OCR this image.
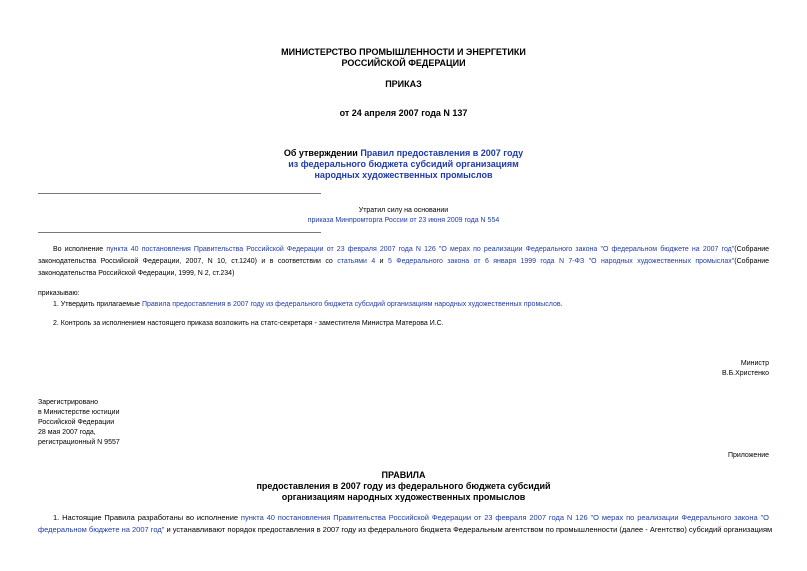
МИНИСТЕРСТВО ПРОМЫШЛЕННОСТИ И ЭНЕРГЕТИКИ

РОССИЙСКОЙ ФЕДЕРАЦИИ

ПРИКАЗ

от 24 апреля 2007 года N 137

Об утверждении Правил предоставления в 2007 году

из федерального бюджета субсидий организациям

народных художественных промыслов

Утратил силу на основании

приказа Минпромторга России от 23 июня 2009 года N 554

Во исполнение пункта 40 постановления Правительства Российской Федерации от 23 февраля 2007 года N 126 "О мерах по реализации Федерального закона "О федеральном бюджете на 2007 год"(Собрание
законодательства Российской Федерации, 2007, N 10, ст.1240) и в соответствии со статьями 4 и 5 Федерального закона от 6 января 1999 года N 7-ФЗ "О народных художественных промыслах"(Собрание

законодательства Российской Федерации, 1999, N 2, ст.234)

приказываю:

1. Утвердить прилагаемые Правила предоставления в 2007 году из федерального бюджета субсидий организациям народных художественных промыслов.

2. Контроль за исполнением настоящего приказа возложить на статс-секретаря - заместителя Министра Матерова И.С.

Министр

В.Б.Христенко

Зарегистрировано
в Министерстве юстиции
Российской Федерации
28 мая 2007 года,
регистрационный N 9557

Приложение

ПРАВИЛА

предоставления в 2007 году из федерального бюджета субсидий

организациям народных художественных промыслов

1. Настоящие Правила разработаны во исполнение пункта 40 постановления Правительства Российской Федерации от 23 февраля 2007 года N 126 "О мерах по реализации Федерального закона "О
федеральном бюджете на 2007 год" и устанавливают порядок предоставления в 2007 году из федерального бюджета Федеральным агентством по промышленности (далее - Агентство) субсидий организациям
